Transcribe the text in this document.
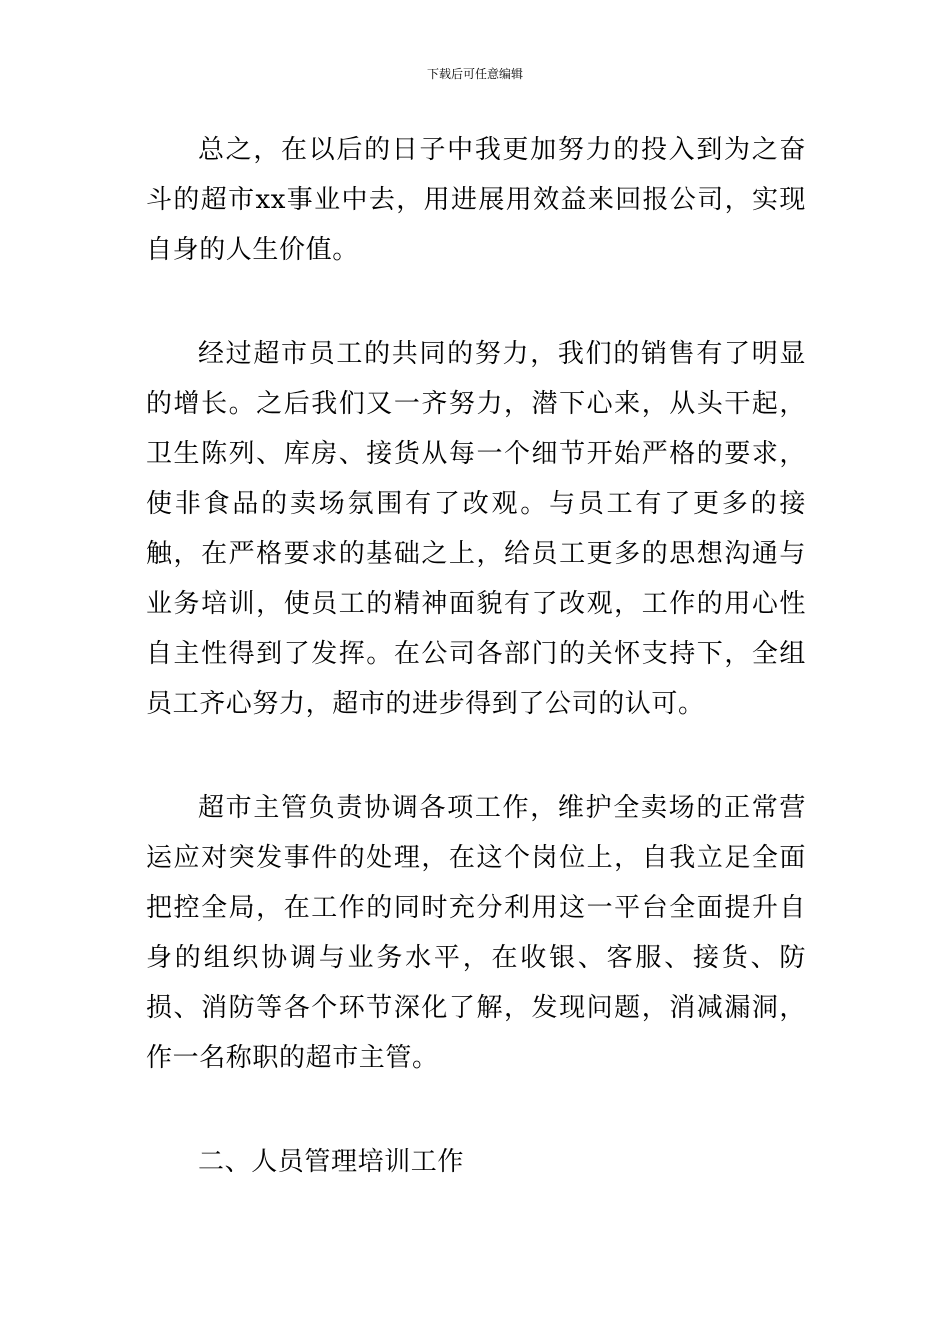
下载后可任意编辑

总之，在以后的日子中我更加努力的投入到为之奋斗的超市xx事业中去，用进展用效益来回报公司，实现自身的人生价值。

经过超市员工的共同的努力，我们的销售有了明显的增长。之后我们又一齐努力，潜下心来，从头干起，卫生陈列、库房、接货从每一个细节开始严格的要求，使非食品的卖场氛围有了改观。与员工有了更多的接触，在严格要求的基础之上，给员工更多的思想沟通与业务培训，使员工的精神面貌有了改观，工作的用心性自主性得到了发挥。在公司各部门的关怀支持下，全组员工齐心努力，超市的进步得到了公司的认可。

超市主管负责协调各项工作，维护全卖场的正常营运应对突发事件的处理，在这个岗位上，自我立足全面把控全局，在工作的同时充分利用这一平台全面提升自身的组织协调与业务水平，在收银、客服、接货、防损、消防等各个环节深化了解，发现问题，消减漏洞，作一名称职的超市主管。

二、人员管理培训工作
